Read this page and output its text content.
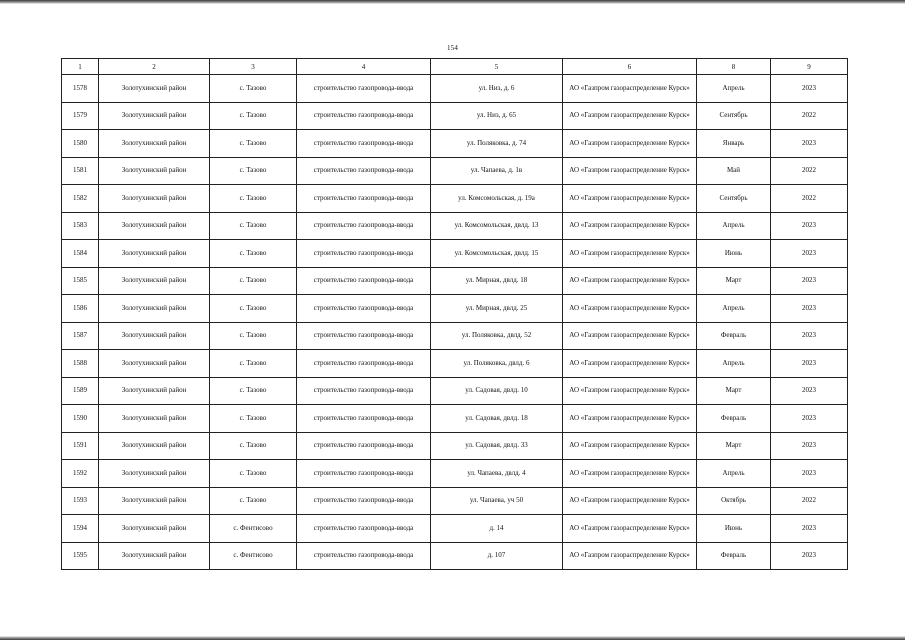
154
1	2	3	4	5	6	8	9
1578	Золотухинский район	с. Тазово	строительство газопровода-ввода	ул. Низ, д. 6	АО «Газпром газораспределение Курск»	Апрель	2023
1579	Золотухинский район	с. Тазово	строительство газопровода-ввода	ул. Низ, д. 65	АО «Газпром газораспределение Курск»	Сентябрь	2022
1580	Золотухинский район	с. Тазово	строительство газопровода-ввода	ул. Поляковка, д. 74	АО «Газпром газораспределение Курск»	Январь	2023
1581	Золотухинский район	с. Тазово	строительство газопровода-ввода	ул. Чапаева, д. 1в	АО «Газпром газораспределение Курск»	Май	2022
1582	Золотухинский район	с. Тазово	строительство газопровода-ввода	ул. Комсомольская, д. 19а	АО «Газпром газораспределение Курск»	Сентябрь	2022
1583	Золотухинский район	с. Тазово	строительство газопровода-ввода	ул. Комсомольская, двлд. 13	АО «Газпром газораспределение Курск»	Апрель	2023
1584	Золотухинский район	с. Тазово	строительство газопровода-ввода	ул. Комсомольская, двлд. 15	АО «Газпром газораспределение Курск»	Июнь	2023
1585	Золотухинский район	с. Тазово	строительство газопровода-ввода	ул. Мирная, двлд. 18	АО «Газпром газораспределение Курск»	Март	2023
1586	Золотухинский район	с. Тазово	строительство газопровода-ввода	ул. Мирная, двлд. 25	АО «Газпром газораспределение Курск»	Апрель	2023
1587	Золотухинский район	с. Тазово	строительство газопровода-ввода	ул. Поляковка, двлд. 52	АО «Газпром газораспределение Курск»	Февраль	2023
1588	Золотухинский район	с. Тазово	строительство газопровода-ввода	ул. Поляковка, двлд. 6	АО «Газпром газораспределение Курск»	Апрель	2023
1589	Золотухинский район	с. Тазово	строительство газопровода-ввода	ул. Садовая, двлд. 10	АО «Газпром газораспределение Курск»	Март	2023
1590	Золотухинский район	с. Тазово	строительство газопровода-ввода	ул. Садовая, двлд. 18	АО «Газпром газораспределение Курск»	Февраль	2023
1591	Золотухинский район	с. Тазово	строительство газопровода-ввода	ул. Садовая, двлд. 33	АО «Газпром газораспределение Курск»	Март	2023
1592	Золотухинский район	с. Тазово	строительство газопровода-ввода	ул. Чапаева, двлд. 4	АО «Газпром газораспределение Курск»	Апрель	2023
1593	Золотухинский район	с. Тазово	строительство газопровода-ввода	ул. Чапаева, уч 50	АО «Газпром газораспределение Курск»	Октябрь	2022
1594	Золотухинский район	с. Фентисово	строительство газопровода-ввода	д. 14	АО «Газпром газораспределение Курск»	Июнь	2023
1595	Золотухинский район	с. Фентисово	строительство газопровода-ввода	д. 107	АО «Газпром газораспределение Курск»	Февраль	2023
